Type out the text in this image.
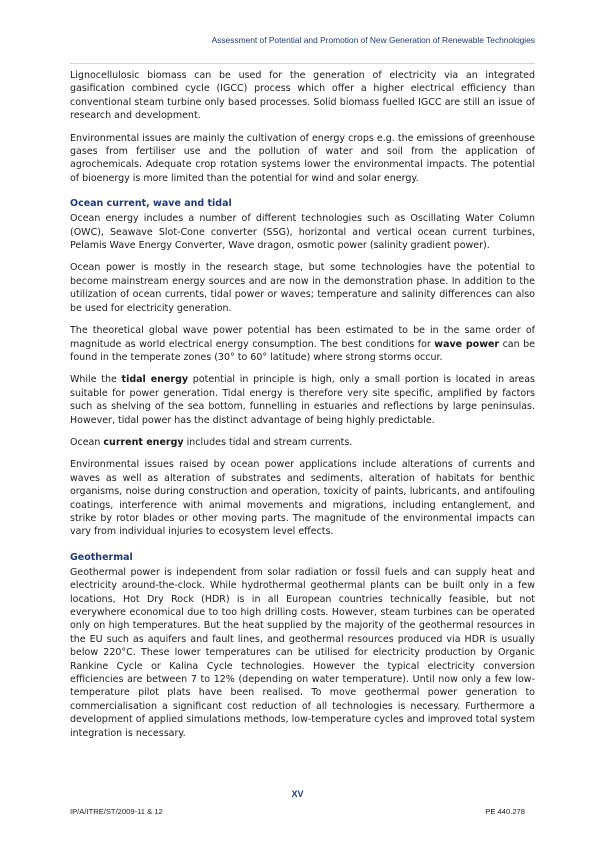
Assessment of Potential and Promotion of New Generation of Renewable Technologies

Lignocellulosic biomass can be used for the generation of electricity via an integrated gasification combined cycle (IGCC) process which offer a higher electrical efficiency than conventional steam turbine only based processes. Solid biomass fuelled IGCC are still an issue of research and development.

Environmental issues are mainly the cultivation of energy crops e.g. the emissions of greenhouse gases from fertiliser use and the pollution of water and soil from the application of agrochemicals. Adequate crop rotation systems lower the environmental impacts. The potential of bioenergy is more limited than the potential for wind and solar energy.

Ocean current, wave and tidal

Ocean energy includes a number of different technologies such as Oscillating Water Column (OWC), Seawave Slot-Cone converter (SSG), horizontal and vertical ocean current turbines, Pelamis Wave Energy Converter, Wave dragon, osmotic power (salinity gradient power).

Ocean power is mostly in the research stage, but some technologies have the potential to become mainstream energy sources and are now in the demonstration phase. In addition to the utilization of ocean currents, tidal power or waves; temperature and salinity differences can also be used for electricity generation.

The theoretical global wave power potential has been estimated to be in the same order of magnitude as world electrical energy consumption. The best conditions for wave power can be found in the temperate zones (30° to 60° latitude) where strong storms occur.

While the tidal energy potential in principle is high, only a small portion is located in areas suitable for power generation. Tidal energy is therefore very site specific, amplified by factors such as shelving of the sea bottom, funnelling in estuaries and reflections by large peninsulas. However, tidal power has the distinct advantage of being highly predictable.

Ocean current energy includes tidal and stream currents.

Environmental issues raised by ocean power applications include alterations of currents and waves as well as alteration of substrates and sediments, alteration of habitats for benthic organisms, noise during construction and operation, toxicity of paints, lubricants, and antifouling coatings, interference with animal movements and migrations, including entanglement, and strike by rotor blades or other moving parts. The magnitude of the environmental impacts can vary from individual injuries to ecosystem level effects.

Geothermal

Geothermal power is independent from solar radiation or fossil fuels and can supply heat and electricity around-the-clock. While hydrothermal geothermal plants can be built only in a few locations, Hot Dry Rock (HDR) is in all European countries technically feasible, but not everywhere economical due to too high drilling costs. However, steam turbines can be operated only on high temperatures. But the heat supplied by the majority of the geothermal resources in the EU such as aquifers and fault lines, and geothermal resources produced via HDR is usually below 220°C. These lower temperatures can be utilised for electricity production by Organic Rankine Cycle or Kalina Cycle technologies. However the typical electricity conversion efficiencies are between 7 to 12% (depending on water temperature). Until now only a few low-temperature pilot plats have been realised. To move geothermal power generation to commercialisation a significant cost reduction of all technologies is necessary. Furthermore a development of applied simulations methods, low-temperature cycles and improved total system integration is necessary.

XV
IP/A/ITRE/ST/2009-11 & 12	PE 440.278
